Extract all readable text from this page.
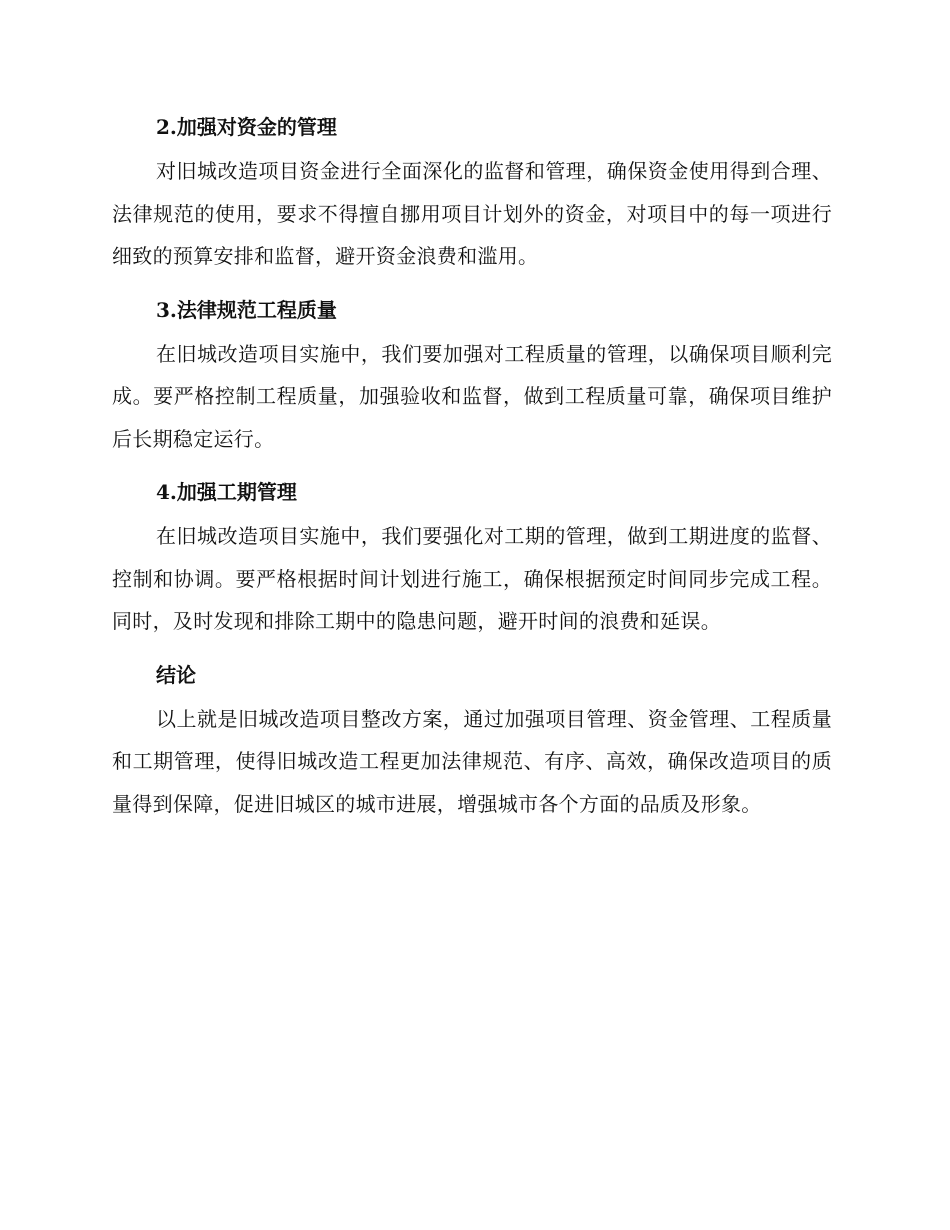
2.加强对资金的管理

对旧城改造项目资金进行全面深化的监督和管理，确保资金使用得到合理、法律规范的使用，要求不得擅自挪用项目计划外的资金，对项目中的每一项进行细致的预算安排和监督，避开资金浪费和滥用。

3.法律规范工程质量

在旧城改造项目实施中，我们要加强对工程质量的管理，以确保项目顺利完成。要严格控制工程质量，加强验收和监督，做到工程质量可靠，确保项目维护后长期稳定运行。

4.加强工期管理

在旧城改造项目实施中，我们要强化对工期的管理，做到工期进度的监督、控制和协调。要严格根据时间计划进行施工，确保根据预定时间同步完成工程。同时，及时发现和排除工期中的隐患问题，避开时间的浪费和延误。

结论

以上就是旧城改造项目整改方案，通过加强项目管理、资金管理、工程质量和工期管理，使得旧城改造工程更加法律规范、有序、高效，确保改造项目的质量得到保障，促进旧城区的城市进展，增强城市各个方面的品质及形象。
